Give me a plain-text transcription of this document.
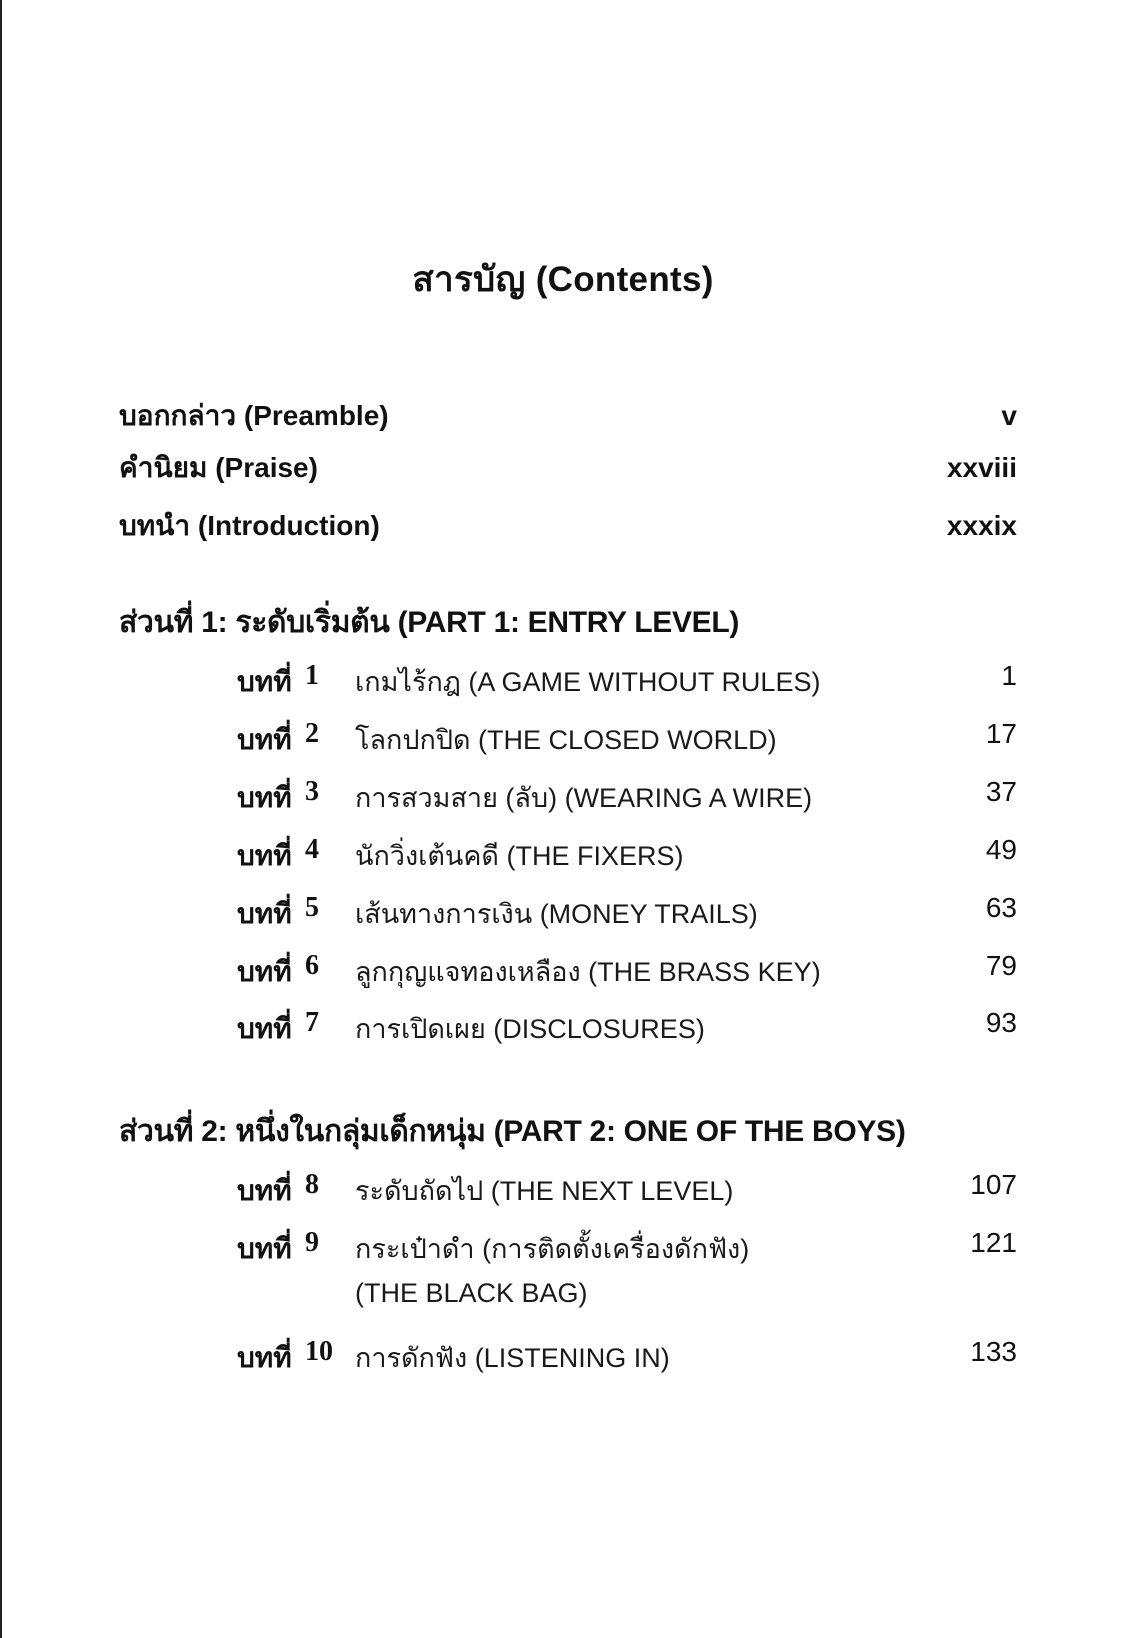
สารบัญ (Contents)
บอกกล่าว (Preamble)	v
คำนิยม (Praise)	xxviii
บทนำ (Introduction)	xxxix
ส่วนที่ 1: ระดับเริ่มต้น (PART 1: ENTRY LEVEL)
บทที่ 1	เกมไร้กฎ (A GAME WITHOUT RULES)	1
บทที่ 2	โลกปกปิด (THE CLOSED WORLD)	17
บทที่ 3	การสวมสาย (ลับ) (WEARING A WIRE)	37
บทที่ 4	นักวิ่งเต้นคดี (THE FIXERS)	49
บทที่ 5	เส้นทางการเงิน (MONEY TRAILS)	63
บทที่ 6	ลูกกุญแจทองเหลือง (THE BRASS KEY)	79
บทที่ 7	การเปิดเผย (DISCLOSURES)	93
ส่วนที่ 2: หนึ่งในกลุ่มเด็กหนุ่ม (PART 2: ONE OF THE BOYS)
บทที่ 8	ระดับถัดไป (THE NEXT LEVEL)	107
บทที่ 9	กระเป๋าดำ (การติดตั้งเครื่องดักฟัง)	121
(THE BLACK BAG)
บทที่ 10 การดักฟัง (LISTENING IN)	133
